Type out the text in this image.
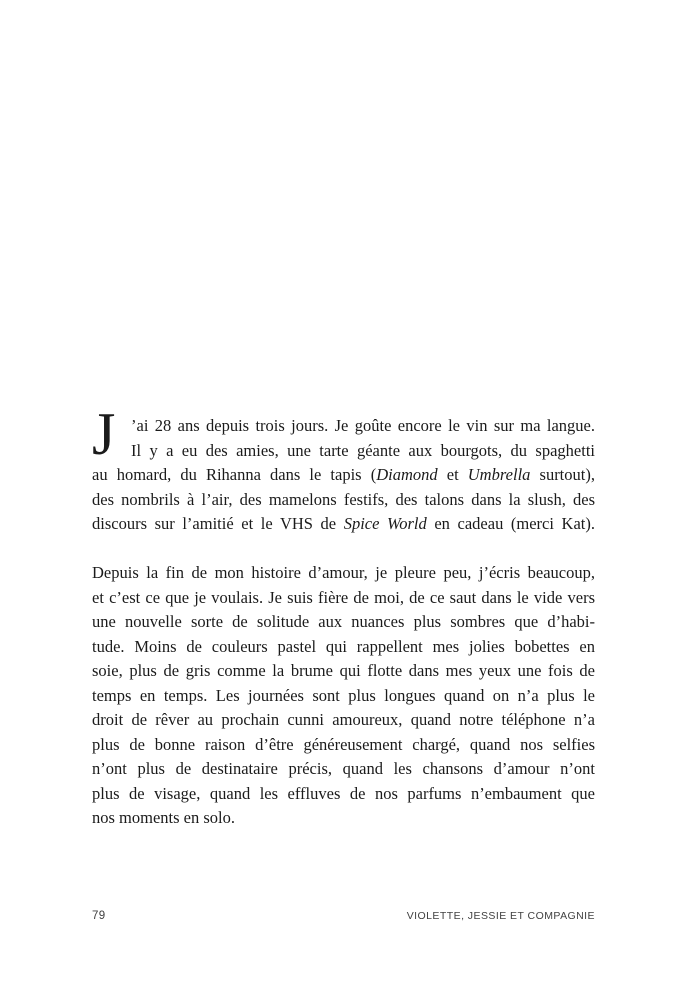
J ’ai 28 ans depuis trois jours. Je goûte encore le vin sur ma langue.
Il y a eu des amies, une tarte géante aux bourgots, du spaghetti
au homard, du Rihanna dans le tapis (Diamond et Umbrella surtout),
des nombrils à l’air, des mamelons festifs, des talons dans la slush, des
discours sur l’amitié et le VHS de Spice World en cadeau (merci Kat).
Depuis la fin de mon histoire d’amour, je pleure peu, j’écris beaucoup,
et c’est ce que je voulais. Je suis fière de moi, de ce saut dans le vide vers
une nouvelle sorte de solitude aux nuances plus sombres que d’habi-
tude. Moins de couleurs pastel qui rappellent mes jolies bobettes en
soie, plus de gris comme la brume qui flotte dans mes yeux une fois de
temps en temps. Les journées sont plus longues quand on n’a plus le
droit de rêver au prochain cunni amoureux, quand notre téléphone n’a
plus de bonne raison d’être généreusement chargé, quand nos selfies
n’ont plus de destinataire précis, quand les chansons d’amour n’ont
plus de visage, quand les effluves de nos parfums n’embaument que
nos moments en solo.
79	VIOLETTE, JESSIE ET COMPAGNIE
